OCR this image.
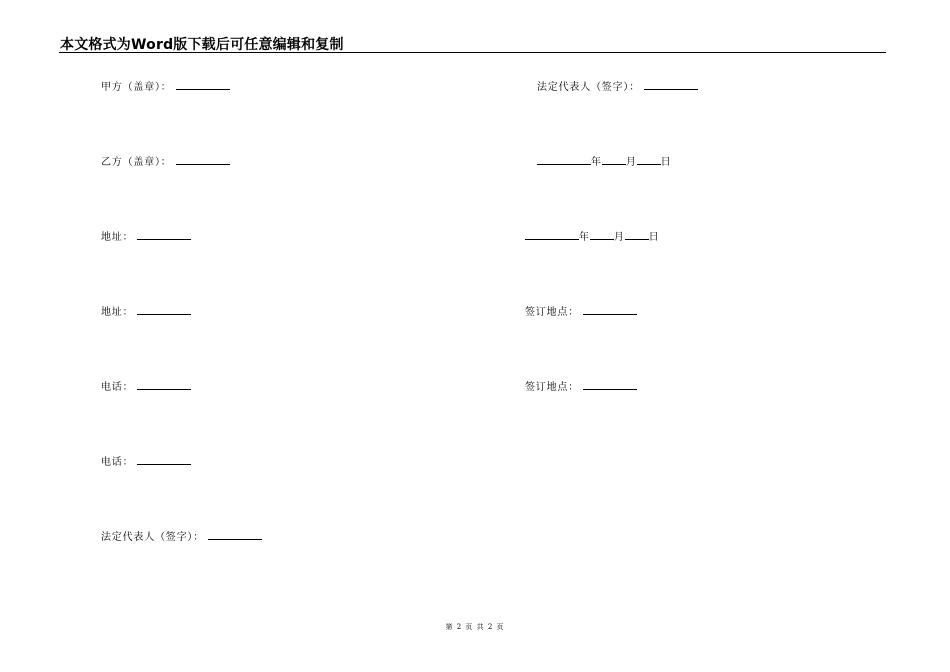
本文格式为Word版下载后可任意编辑和复制
甲方（盖章）：
乙方（盖章）：
地址：
地址：
电话：
电话：
法定代表人（签字）：
法定代表人（签字）：
年 月 日
年 月 日
签订地点：
签订地点：
第 2 页 共 2 页
